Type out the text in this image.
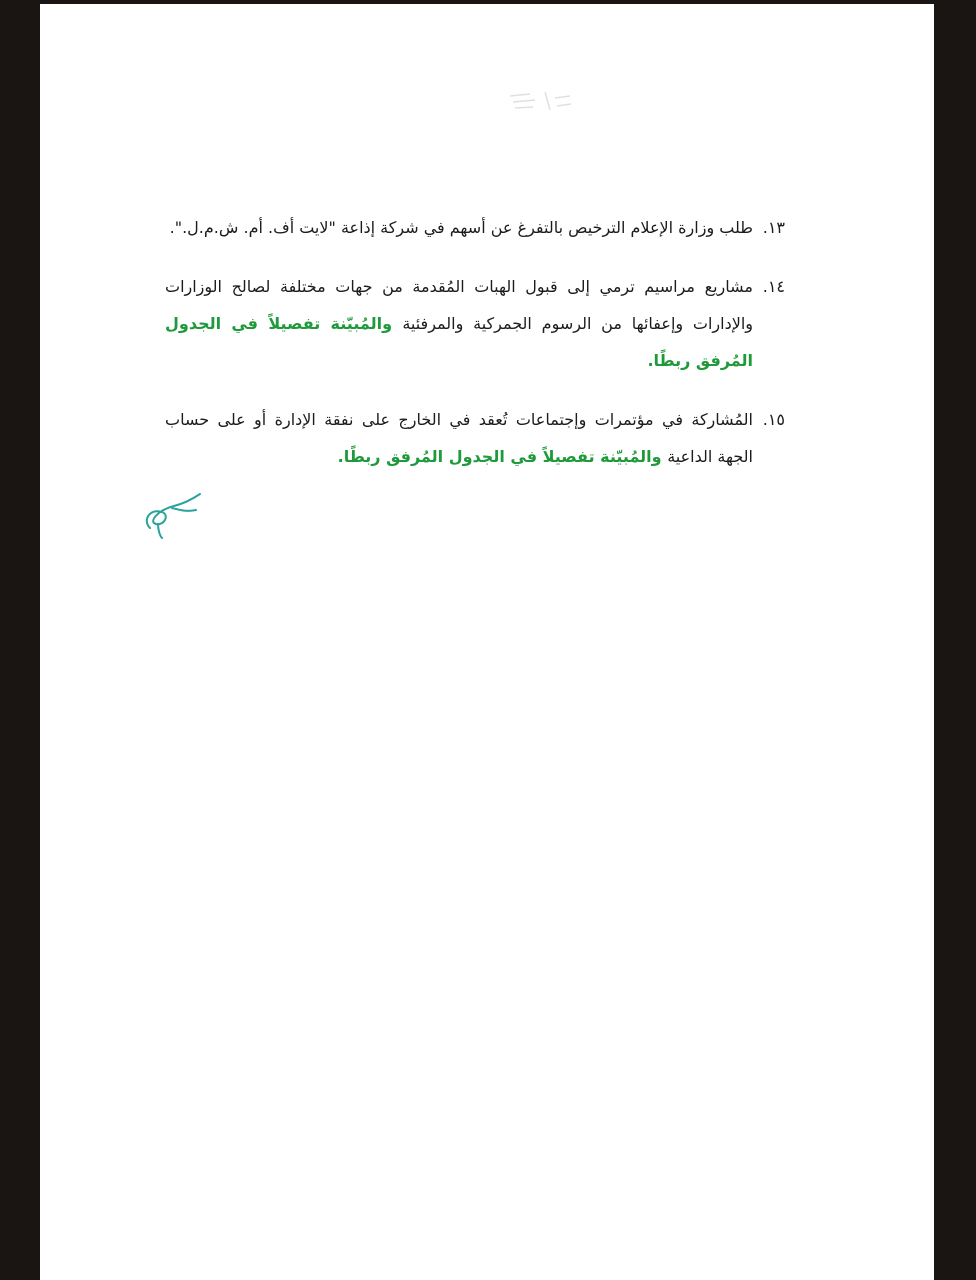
١٣.
طلب وزارة الإعلام الترخيص بالتفرغ عن أسهم في شركة إذاعة "لايت أف. أم. ش.م.ل.".
١٤.
مشاريع مراسيم ترمي إلى قبول الهبات المُقدمة من جهات مختلفة لصالح الوزارات والإدارات وإعفائها من الرسوم الجمركية والمرفئية والمُبيّنة تفصيلاً في الجدول المُرفق ربطًا.
١٥.
المُشاركة في مؤتمرات وإجتماعات تُعقد في الخارج على نفقة الإدارة أو على حساب الجهة الداعية والمُبيّنة تفصيلاً في الجدول المُرفق ربطًا.
